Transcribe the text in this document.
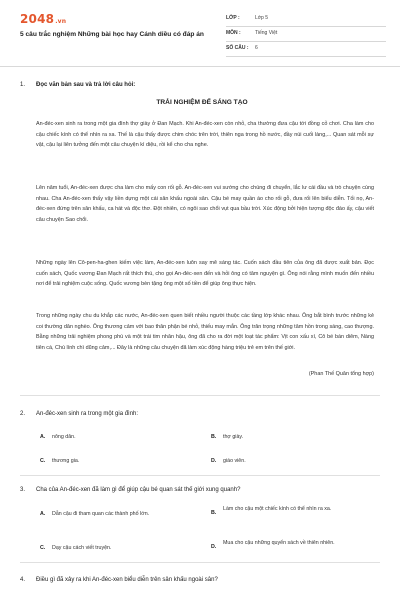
2048.vn
5 câu trắc nghiệm Những bài học hay Cánh diều có đáp án
LỚP :	Lớp 5
MÔN :	Tiếng Việt
SỐ CÂU : 6
1. Đọc văn bản sau và trả lời câu hỏi:
TRẢI NGHIỆM ĐỂ SÁNG TẠO

An-đéc-xen sinh ra trong một gia đình thợ giày ở Đan Mạch. Khi An-đéc-xen còn nhỏ, cha thường đưa cậu tới đồng cỏ chơi. Cha làm cho cậu chiếc kính có thể nhìn ra xa. Thế là cậu thấy được chim chóc trên trời, thiên nga trong hồ nước, đầy núi cuối làng,... Quan sát mỗi sự vật, cậu lại liên tưởng đến một câu chuyện kì diệu, rồi kể cho cha nghe.

Lên năm tuổi, An-đéc-xen được cha làm cho mấy con rối gỗ. An-đéc-xen vui sướng cho chúng đi chuyển, lắc lư cái đầu và trò chuyện cùng nhau. Cha An-đéc-xen thấy vậy liền dựng một cái sân khấu ngoài sân. Cậu bé may quần áo cho rối gỗ, đưa rối lên biểu diễn. Tối nọ, An-đéc-xen đứng trên sân khấu, ca hát và độc thơ. Đột nhiên, có ngôi sao chổi vụt qua bầu trời. Xúc động bởi hiện tượng độc đáo ấy, cậu viết câu chuyện Sao chổi.

Những ngày lên Cô-pen-ha-ghen kiếm việc làm, An-đéc-xen luôn say mê sáng tác. Cuốn sách đầu tiên của ông đã được xuất bản. Đọc cuốn sách, Quốc vương Đan Mạch rất thích thú, cho gọi An-đéc-xen đến và hỏi ông có tâm nguyện gì. Ông nói rằng mình muốn đến nhiều nơi để trải nghiệm cuộc sống. Quốc vương bèn tặng ông một số tiền để giúp ông thực hiện.

Trong những ngày chu du khắp các nước, An-đéc-xen quen biết nhiều người thuộc các tầng lớp khác nhau. Ông bắt bình trước những kẻ coi thường dân nghèo. Ông thương cảm với bao thân phận bé nhỏ, thiếu may mắn. Ông trân trọng những tâm hồn trong sáng, cao thượng. Bằng những trải nghiệm phong phú và một trái tim nhân hậu, ông đã cho ra đời một loạt tác phẩm: Vịt con xấu xí, Cô bé bán diêm, Nàng tiên cá, Chú lính chì dũng cảm,... Đây là những câu chuyện đã làm xúc động hàng triệu trẻ em trên thế giới.

(Phan Thế Quân tổng hợp)
2. An-đéc-xen sinh ra trong một gia đình:
A. nông dân.	B. thợ giày.
C. thương gia.	D. giáo viên.
3. Cha của An-đéc-xen đã làm gì để giúp cậu bé quan sát thế giới xung quanh?
A. Dẫn cậu đi tham quan các thành phố lớn.	B.
Làm cho cậu một chiếc kính có thể nhìn ra xa.
C. Dạy cậu cách viết truyện.	D.
Mua cho cậu những quyển sách về thiên nhiên.
4. Điều gì đã xảy ra khi An-đéc-xen biểu diễn trên sân khấu ngoài sân?
